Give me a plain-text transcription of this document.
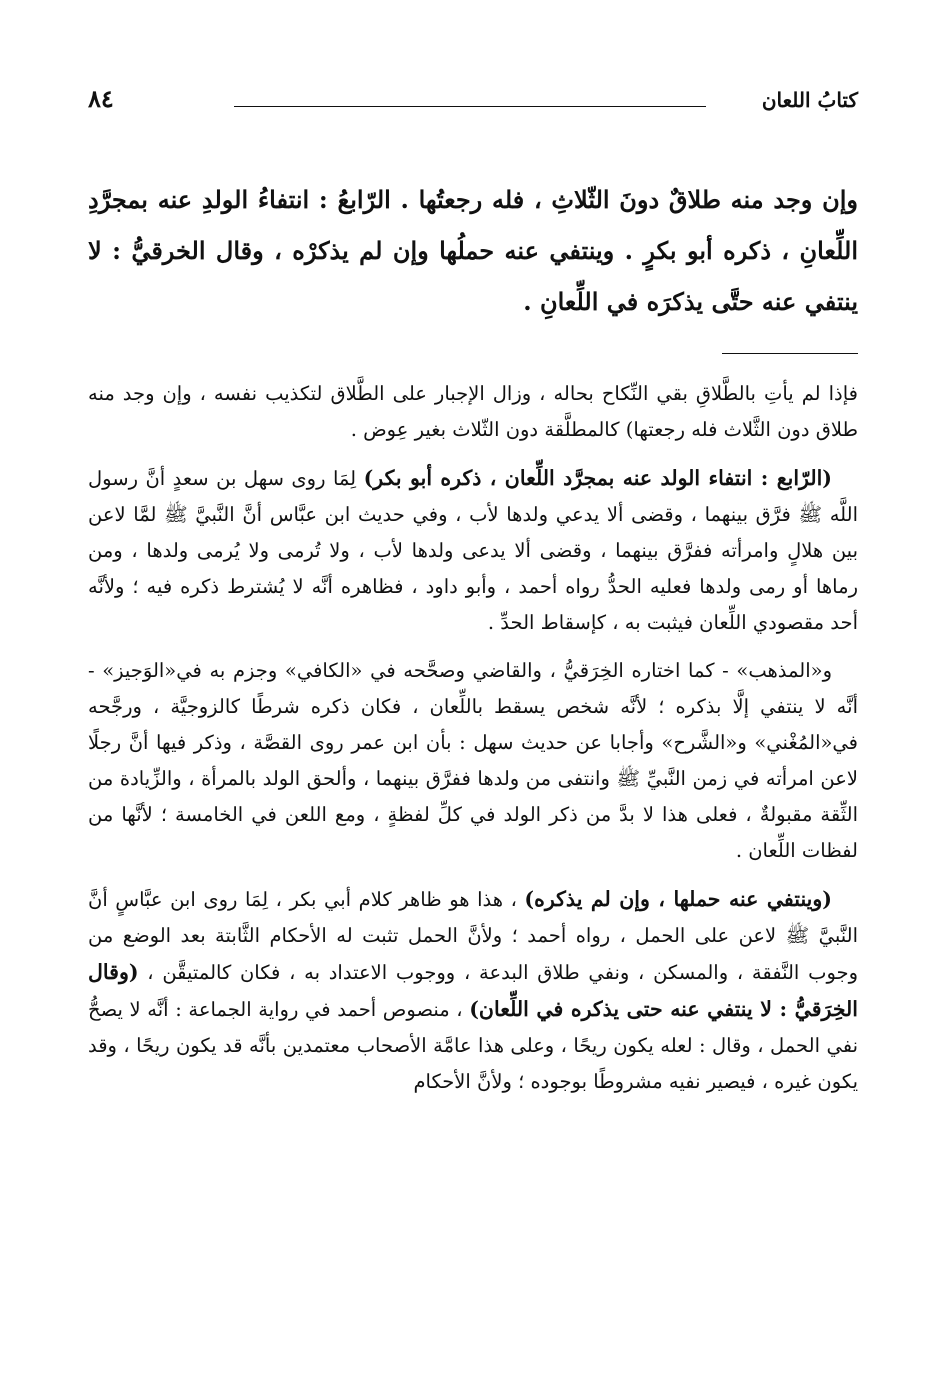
كتابُ اللعان
٨٤

وإن وجد منه طلاقٌ دونَ الثّلاثِ ، فله رجعتُها . الرّابعُ : انتفاءُ الولدِ عنه بمجرَّدِ اللِّعانِ ، ذكره أبو بكرٍ . وينتفي عنه حملُها وإن لم يذكرْه ، وقال الخرقيُّ : لا ينتفي عنه حتَّى يذكرَه في اللِّعانِ .

فإذا لم يأتِ بالطَّلاقِ بقي النِّكاح بحاله ، وزال الإجبار على الطَّلاق لتكذيب نفسه ، وإن وجد منه طلاق دون الثَّلاث فله رجعتها) كالمطلَّقة دون الثّلاث بغير عِوض .

(الرّابع : انتفاء الولد عنه بمجرَّد اللِّعان ، ذكره أبو بكر) لِمَا روى سهل بن سعدٍ أنَّ رسول اللَّه ﷺ فرَّق بينهما ، وقضى ألا يدعي ولدها لأب ، وفي حديث ابن عبَّاس أنَّ النَّبيَّ ﷺ لمَّا لاعن بين هلالٍ وامرأته ففرَّق بينهما ، وقضى ألا يدعى ولدها لأب ، ولا تُرمى ولا يُرمى ولدها ، ومن رماها أو رمى ولدها فعليه الحدُّ رواه أحمد ، وأبو داود ، فظاهره أنَّه لا يُشترط ذكره فيه ؛ ولأنَّه أحد مقصودي اللِّعان فيثبت به ، كإسقاط الحدِّ .

و«المذهب» - كما اختاره الخِرَقيُّ ، والقاضي وصحَّحه في «الكافي» وجزم به في«الوَجيز» - أنَّه لا ينتفي إلَّا بذكره ؛ لأنَّه شخص يسقط باللِّعان ، فكان ذكره شرطًا كالزوجيَّة ، ورجَّحه في«المُغْني» و«الشَّرح» وأجابا عن حديث سهل : بأن ابن عمر روى القصَّة ، وذكر فيها أنَّ رجلًا لاعن امرأته في زمن النَّبيِّ ﷺ وانتفى من ولدها ففرَّق بينهما ، وألحق الولد بالمرأة ، والزِّيادة من الثِّقة مقبولةٌ ، فعلى هذا لا بدَّ من ذكر الولد في كلِّ لفظةٍ ، ومع اللعن في الخامسة ؛ لأنَّها من لفظات اللِّعان .

(وينتفي عنه حملها ، وإن لم يذكره) ، هذا هو ظاهر كلام أبي بكر ، لِمَا روى ابن عبَّاسٍ أنَّ النَّبيَّ ﷺ لاعن على الحمل ، رواه أحمد ؛ ولأنَّ الحمل تثبت له الأحكام الثَّابتة بعد الوضع من وجوب النَّفقة ، والمسكن ، ونفي طلاق البدعة ، ووجوب الاعتداد به ، فكان كالمتيقَّن ، (وقال الخِرَقيُّ : لا ينتفي عنه حتى يذكره في اللِّعان) ، منصوص أحمد في رواية الجماعة : أنَّه لا يصحُّ نفي الحمل ، وقال : لعله يكون ريحًا ، وعلى هذا عامَّة الأصحاب معتمدين بأنَّه قد يكون ريحًا ، وقد يكون غيره ، فيصير نفيه مشروطًا بوجوده ؛ ولأنَّ الأحكام
